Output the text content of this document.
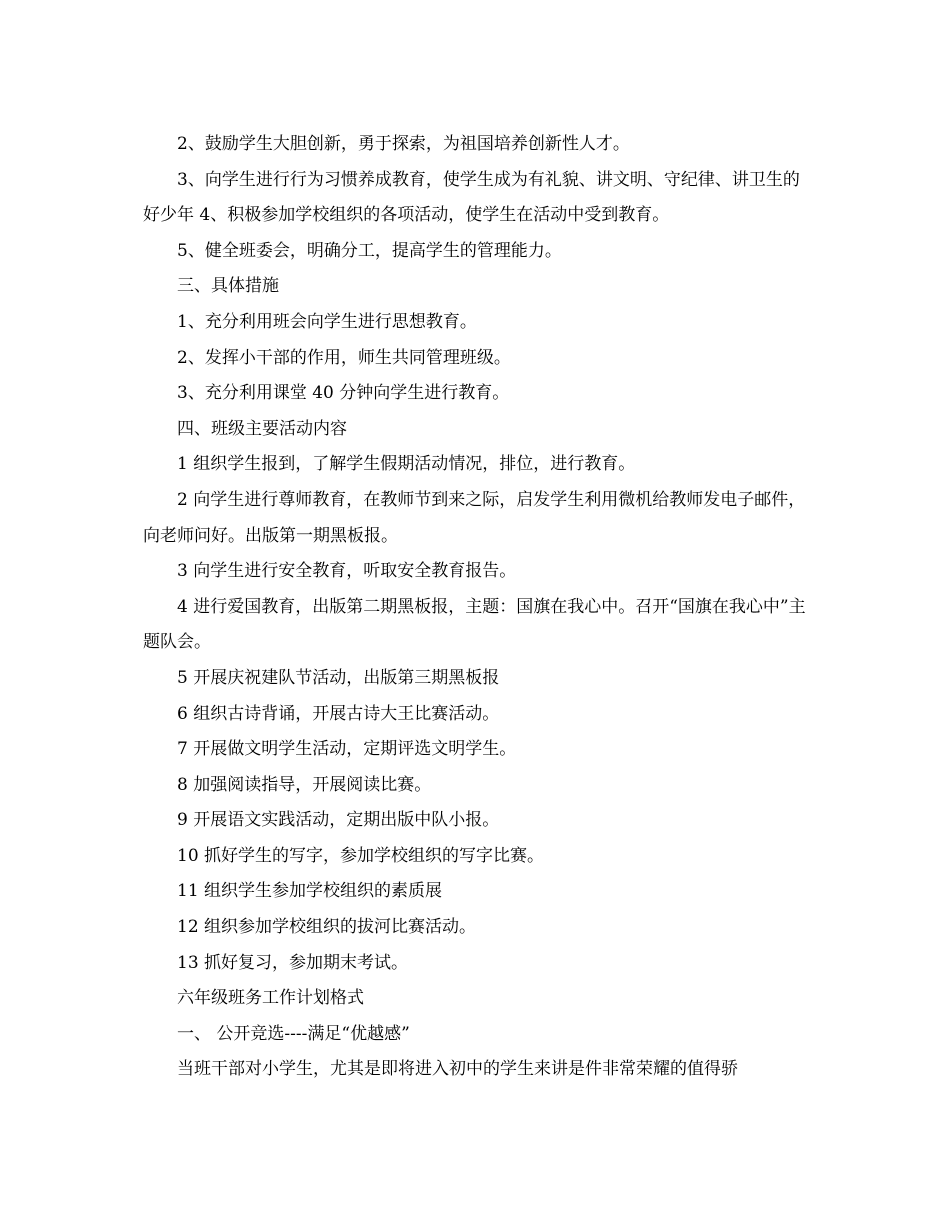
2、鼓励学生大胆创新，勇于探索，为祖国培养创新性人才。

3、向学生进行行为习惯养成教育，使学生成为有礼貌、讲文明、守纪律、讲卫生的好少年 4、积极参加学校组织的各项活动，使学生在活动中受到教育。

5、健全班委会，明确分工，提高学生的管理能力。

三、具体措施

1、充分利用班会向学生进行思想教育。

2、发挥小干部的作用，师生共同管理班级。

3、充分利用课堂 40 分钟向学生进行教育。

四、班级主要活动内容

1 组织学生报到，了解学生假期活动情况，排位，进行教育。

2 向学生进行尊师教育，在教师节到来之际，启发学生利用微机给教师发电子邮件，向老师问好。出版第一期黑板报。

3 向学生进行安全教育，听取安全教育报告。

4 进行爱国教育，出版第二期黑板报，主题：国旗在我心中。召开“国旗在我心中”主题队会。

5 开展庆祝建队节活动，出版第三期黑板报

6 组织古诗背诵，开展古诗大王比赛活动。

7 开展做文明学生活动，定期评选文明学生。

8 加强阅读指导，开展阅读比赛。

9 开展语文实践活动，定期出版中队小报。

10 抓好学生的写字，参加学校组织的写字比赛。

11 组织学生参加学校组织的素质展

12 组织参加学校组织的拔河比赛活动。

13 抓好复习，参加期末考试。

六年级班务工作计划格式

一、 公开竞选----满足“优越感”

当班干部对小学生，尤其是即将进入初中的学生来讲是件非常荣耀的值得骄
